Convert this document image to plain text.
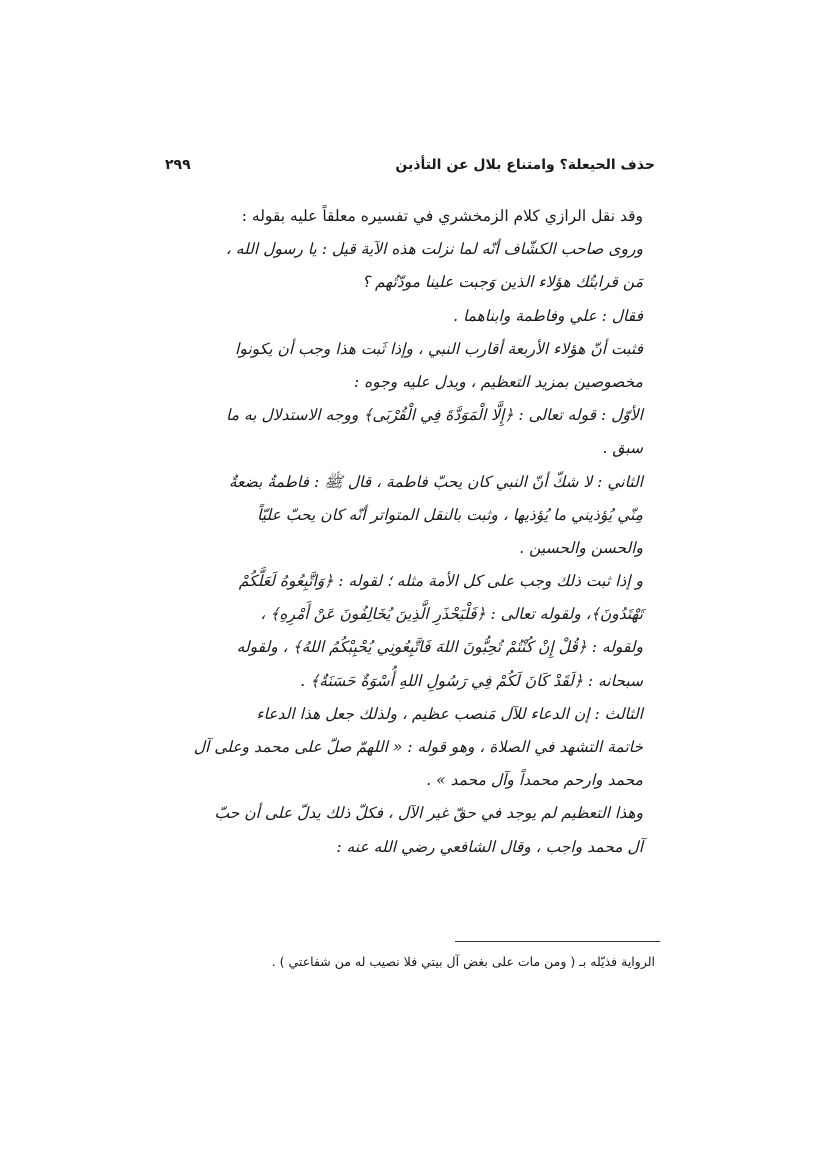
حذف الحيعلة؟ وامتناع بلال عن التأذين
٢٩٩
وقد نقل الرازي كلام الزمخشري في تفسيره معلقاً عليه بقوله :
وروى صاحب الكشّاف أنّه لما نزلت هذه الآية قيل : يا رسول الله ،
مَن قرابتُك هؤلاء الذين وَجبت علينا مودّتُهم ؟
فقال : علي وفاطمة وابناهما .
فثبت أنّ هؤلاء الأربعة أقارب النبي ، وإذا ثَبت هذا وجب أن يكونوا
مخصوصين بمزيد التعظيم ، ويدل عليه وجوه :
الأوّل : قوله تعالى : ﴿إِلَّا الْمَوَدَّةَ فِي الْقُرْبَى﴾ ووجه الاستدلال به ما
سبق .
الثاني : لا شكّ أنّ النبي كان يحبّ فاطمة ، قال ﷺ : فاطمةُ بضعةٌ
مِنّي يُؤذيني ما يُؤذيها ، وثبت بالنقل المتواتر أنّه كان يحبّ عليّاً
والحسن والحسين .
و إذا ثبت ذلك وجب على كل الأمة مثله ؛ لقوله : ﴿وَاتَّبِعُوهُ لَعَلَّكُمْ
تَهْتَدُونَ﴾، ولقوله تعالى : ﴿فَلْيَحْذَرِ الَّذِينَ يُخَالِفُونَ عَنْ أَمْرِهِ﴾ ،
ولقوله : ﴿قُلْ إِنْ كُنْتُمْ تُحِبُّونَ اللهَ فَاتَّبِعُونِي يُحْبِبْكُمُ اللهُ﴾ ، ولقوله
سبحانه : ﴿لَقَدْ كَانَ لَكُمْ فِي رَسُولِ اللهِ أُسْوَةٌ حَسَنَةٌ﴾ .
الثالث : إن الدعاء للآل مَنصب عظيم ، ولذلك جعل هذا الدعاء
خاتمة التشهد في الصلاة ، وهو قوله : « اللهمّ صلّ على محمد وعلى آل
محمد وارحم محمداً وآل محمد » .
وهذا التعظيم لم يوجد في حقّ غير الآل ، فكلّ ذلك يدلّ على أن حبّ
آل محمد واجب ، وقال الشافعي رضي الله عنه :
الرواية فذيّله بـ ( ومن مات على بغض آل بيتي فلا نصيب له من شفاعتي ) .
